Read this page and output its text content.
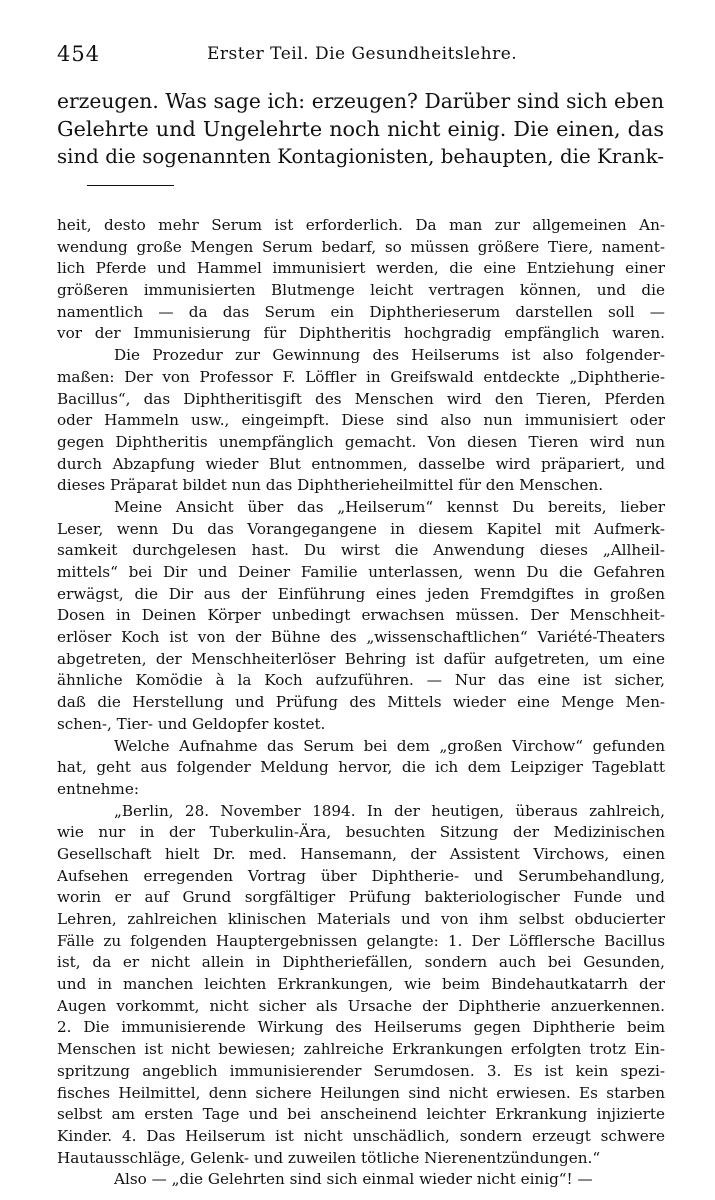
454	Erster Teil. Die Gesundheitslehre.
erzeugen. Was sage ich: erzeugen? Darüber sind sich eben
Gelehrte und Ungelehrte noch nicht einig. Die einen, das
sind die sogenannten Kontagionisten, behaupten, die Krank-
heit, desto mehr Serum ist erforderlich. Da man zur allgemeinen An-
wendung große Mengen Serum bedarf, so müssen größere Tiere, nament-
lich Pferde und Hammel immunisiert werden, die eine Entziehung einer
größeren immunisierten Blutmenge leicht vertragen können, und die
namentlich — da das Serum ein Diphtherieserum darstellen soll —
vor der Immunisierung für Diphtheritis hochgradig empfänglich waren.
Die Prozedur zur Gewinnung des Heilserums ist also folgender-
maßen: Der von Professor F. Löffler in Greifswald entdeckte „Diphtherie-
Bacillus“, das Diphtheritisgift des Menschen wird den Tieren, Pferden
oder Hammeln usw., eingeimpft. Diese sind also nun immunisiert oder
gegen Diphtheritis unempfänglich gemacht. Von diesen Tieren wird nun
durch Abzapfung wieder Blut entnommen, dasselbe wird präpariert, und
dieses Präparat bildet nun das Diphtherieheilmittel für den Menschen.
Meine Ansicht über das „Heilserum“ kennst Du bereits, lieber
Leser, wenn Du das Vorangegangene in diesem Kapitel mit Aufmerk-
samkeit durchgelesen hast. Du wirst die Anwendung dieses „Allheil-
mittels“ bei Dir und Deiner Familie unterlassen, wenn Du die Gefahren
erwägst, die Dir aus der Einführung eines jeden Fremdgiftes in großen
Dosen in Deinen Körper unbedingt erwachsen müssen. Der Menschheit-
erlöser Koch ist von der Bühne des „wissenschaftlichen“ Variété-Theaters
abgetreten, der Menschheiterlöser Behring ist dafür aufgetreten, um eine
ähnliche Komödie à la Koch aufzuführen. — Nur das eine ist sicher,
daß die Herstellung und Prüfung des Mittels wieder eine Menge Men-
schen-, Tier- und Geldopfer kostet.
Welche Aufnahme das Serum bei dem „großen Virchow“ gefunden
hat, geht aus folgender Meldung hervor, die ich dem Leipziger Tageblatt
entnehme:
„Berlin, 28. November 1894. In der heutigen, überaus zahlreich,
wie nur in der Tuberkulin-Ära, besuchten Sitzung der Medizinischen
Gesellschaft hielt Dr. med. Hansemann, der Assistent Virchows, einen
Aufsehen erregenden Vortrag über Diphtherie- und Serumbehandlung,
worin er auf Grund sorgfältiger Prüfung bakteriologischer Funde und
Lehren, zahlreichen klinischen Materials und von ihm selbst obducierter
Fälle zu folgenden Hauptergebnissen gelangte: 1. Der Löfflersche Bacillus
ist, da er nicht allein in Diphtheriefällen, sondern auch bei Gesunden,
und in manchen leichten Erkrankungen, wie beim Bindehautkatarrh der
Augen vorkommt, nicht sicher als Ursache der Diphtherie anzuerkennen.
2. Die immunisierende Wirkung des Heilserums gegen Diphtherie beim
Menschen ist nicht bewiesen; zahlreiche Erkrankungen erfolgten trotz Ein-
spritzung angeblich immunisierender Serumdosen. 3. Es ist kein spezi-
fisches Heilmittel, denn sichere Heilungen sind nicht erwiesen. Es starben
selbst am ersten Tage und bei anscheinend leichter Erkrankung injizierte
Kinder. 4. Das Heilserum ist nicht unschädlich, sondern erzeugt schwere
Hautausschläge, Gelenk- und zuweilen tötliche Nierenentzündungen.“
Also — „die Gelehrten sind sich einmal wieder nicht einig“! —
